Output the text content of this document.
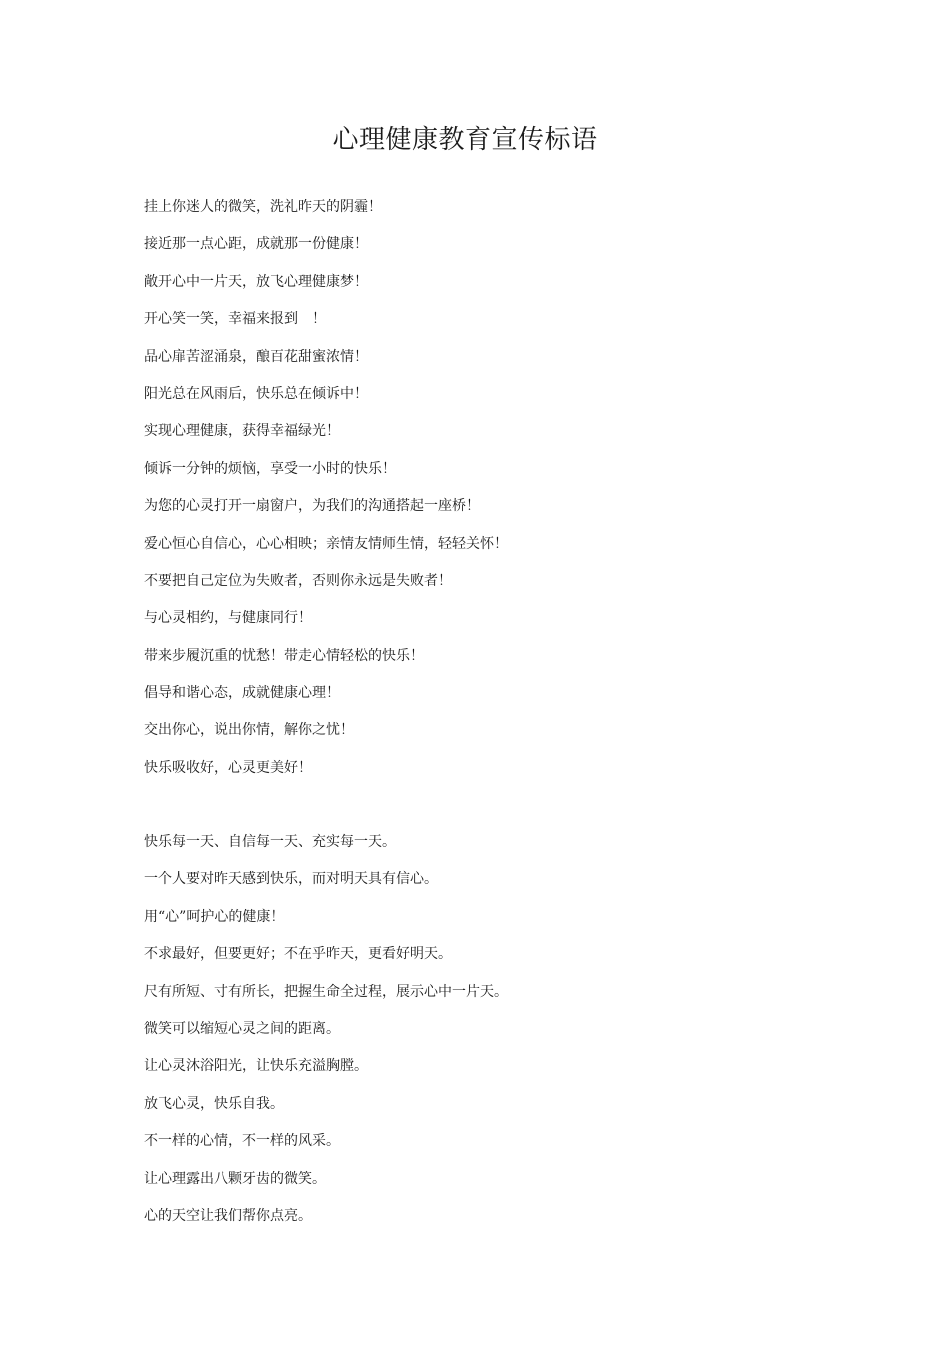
心理健康教育宣传标语
挂上你迷人的微笑，洗礼昨天的阴霾！
接近那一点心距，成就那一份健康！
敞开心中一片天，放飞心理健康梦！
开心笑一笑，幸福来报到　！
品心扉苦涩涌泉，酿百花甜蜜浓情！
阳光总在风雨后，快乐总在倾诉中！
实现心理健康，获得幸福绿光！
倾诉一分钟的烦恼，享受一小时的快乐！
为您的心灵打开一扇窗户，为我们的沟通搭起一座桥！
爱心恒心自信心，心心相映；亲情友情师生情，轻轻关怀！
不要把自己定位为失败者，否则你永远是失败者！
与心灵相约，与健康同行！
带来步履沉重的忧愁！带走心情轻松的快乐！
倡导和谐心态，成就健康心理！
交出你心，说出你情，解你之忧！
快乐吸收好，心灵更美好！
快乐每一天、自信每一天、充实每一天。
一个人要对昨天感到快乐，而对明天具有信心。
用“心”呵护心的健康！
不求最好，但要更好；不在乎昨天，更看好明天。
尺有所短、寸有所长，把握生命全过程，展示心中一片天。
微笑可以缩短心灵之间的距离。
让心灵沐浴阳光，让快乐充溢胸膛。
放飞心灵，快乐自我。
不一样的心情，不一样的风采。
让心理露出八颗牙齿的微笑。
心的天空让我们帮你点亮。
